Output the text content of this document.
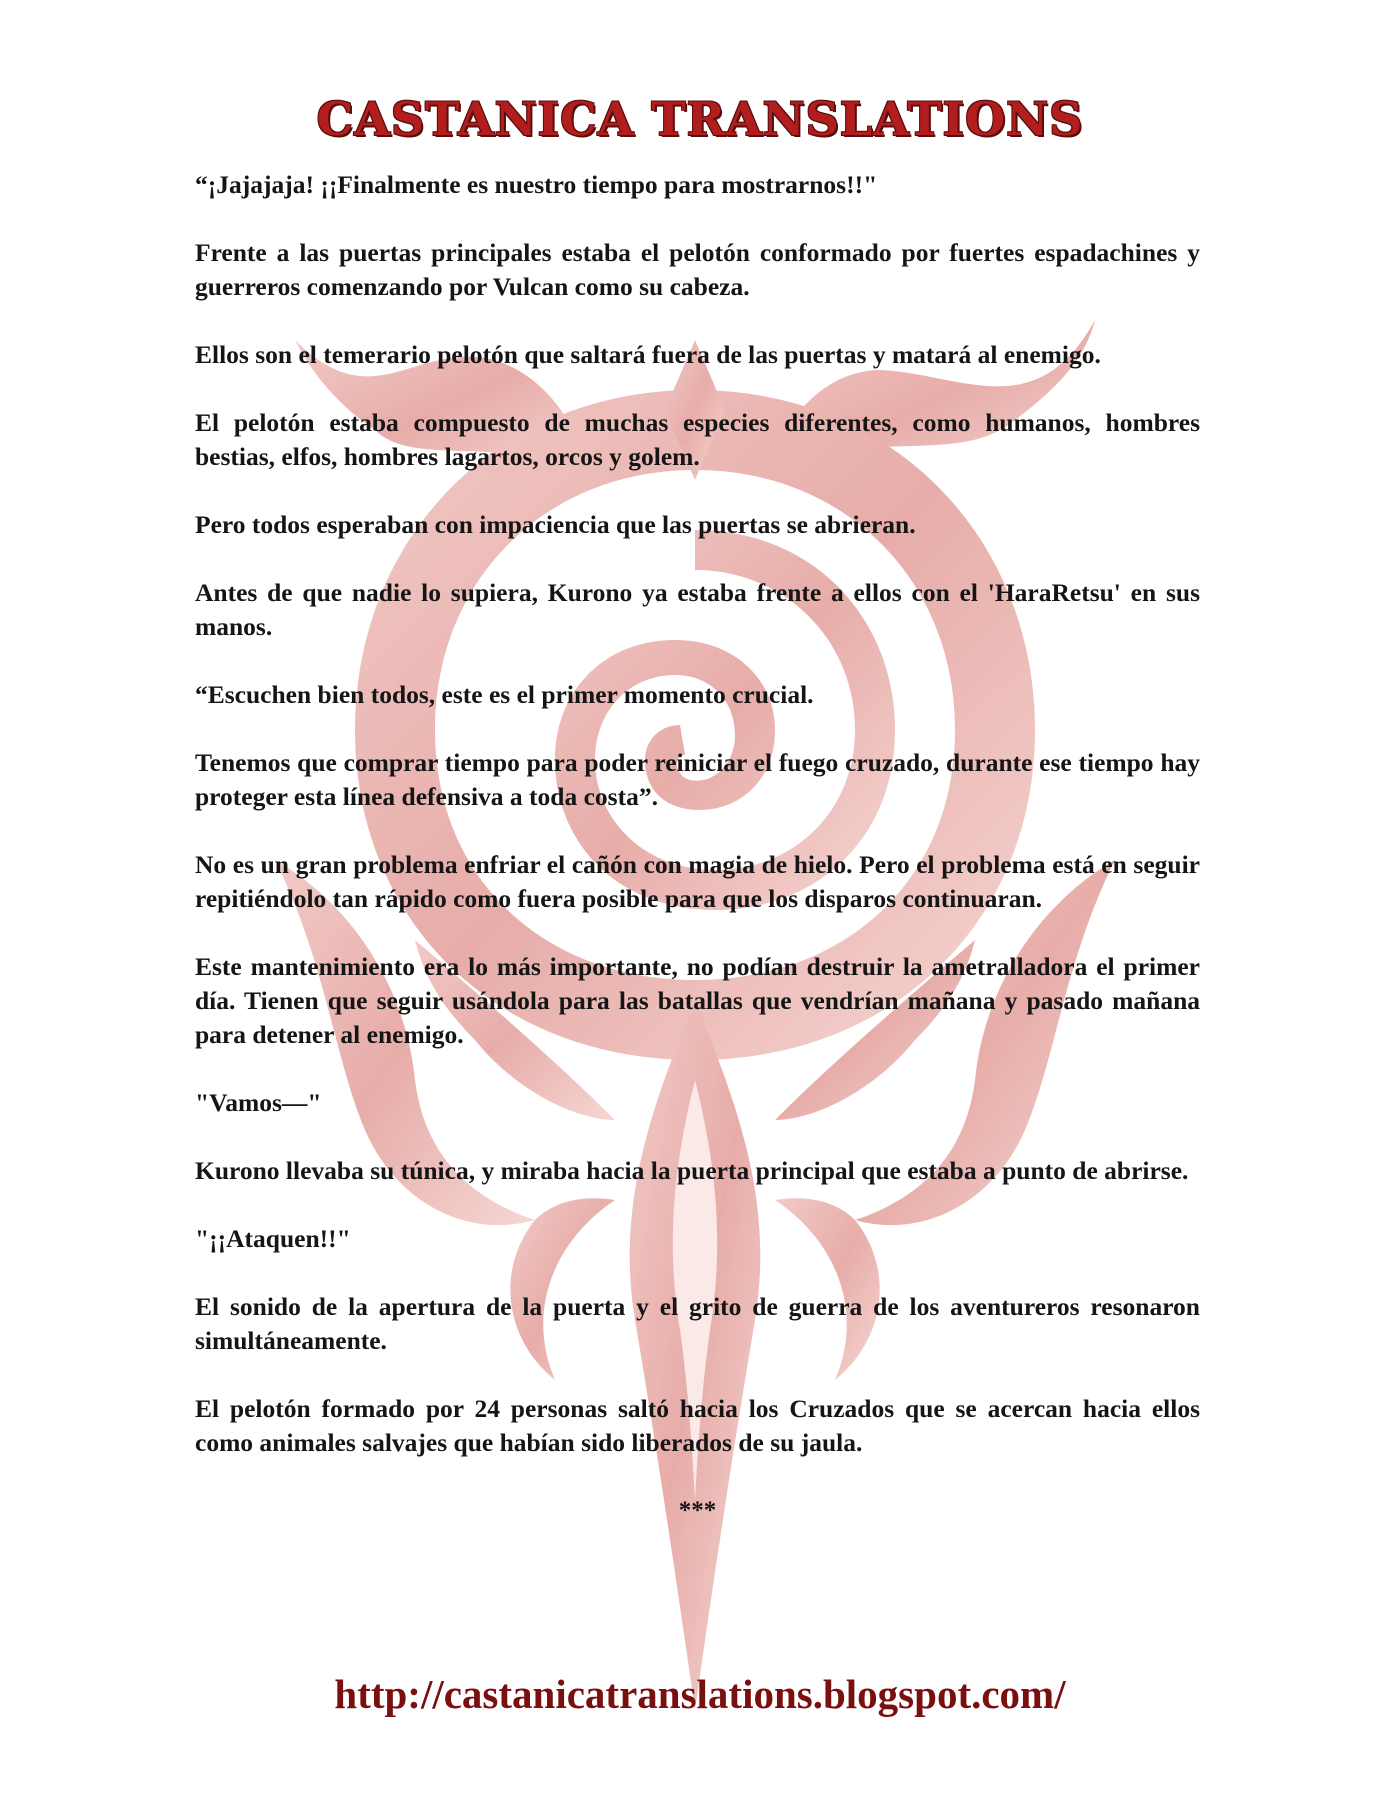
CASTANICA TRANSLATIONS

“¡Jajajaja! ¡¡Finalmente es nuestro tiempo para mostrarnos!!"

Frente a las puertas principales estaba el pelotón conformado por fuertes espadachines y guerreros comenzando por Vulcan como su cabeza.

Ellos son el temerario pelotón que saltará fuera de las puertas y matará al enemigo.

El pelotón estaba compuesto de muchas especies diferentes, como humanos, hombres bestias, elfos, hombres lagartos, orcos y golem.

Pero todos esperaban con impaciencia que las puertas se abrieran.

Antes de que nadie lo supiera, Kurono ya estaba frente a ellos con el 'HaraRetsu' en sus manos.

“Escuchen bien todos, este es el primer momento crucial.

Tenemos que comprar tiempo para poder reiniciar el fuego cruzado, durante ese tiempo hay proteger esta línea defensiva a toda costa”.

No es un gran problema enfriar el cañón con magia de hielo. Pero el problema está en seguir repitiéndolo tan rápido como fuera posible para que los disparos continuaran.

Este mantenimiento era lo más importante, no podían destruir la ametralladora el primer día. Tienen que seguir usándola para las batallas que vendrían mañana y pasado mañana para detener al enemigo.

"Vamos—"

Kurono llevaba su túnica, y miraba hacia la puerta principal que estaba a punto de abrirse.

"¡¡Ataquen!!"

El sonido de la apertura de la puerta y el grito de guerra de los aventureros resonaron simultáneamente.

El pelotón formado por 24 personas saltó hacia los Cruzados que se acercan hacia ellos como animales salvajes que habían sido liberados de su jaula.

***

http://castanicatranslations.blogspot.com/
